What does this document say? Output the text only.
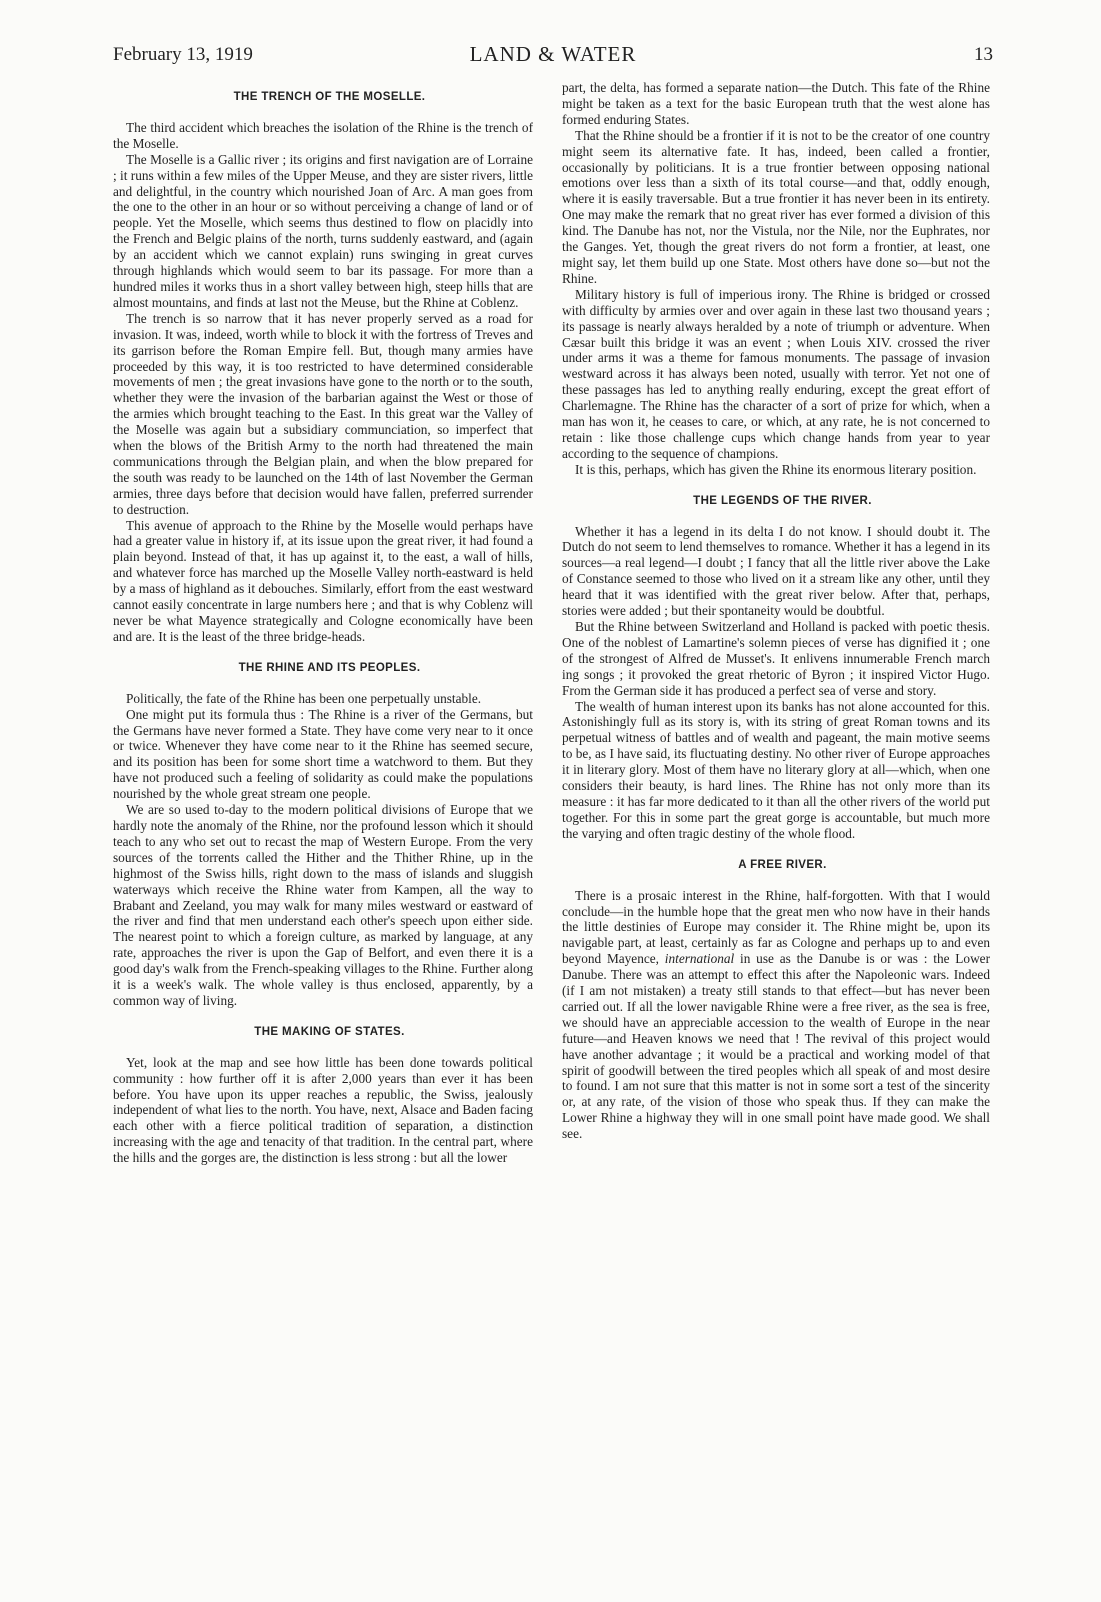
February 13, 1919	LAND & WATER	13

THE TRENCH OF THE MOSELLE.

The third accident which breaches the isolation of the Rhine is the trench of the Moselle.

The Moselle is a Gallic river ; its origins and first navigation are of Lorraine ; it runs within a few miles of the Upper Meuse, and they are sister rivers, little and delightful, in the country which nourished Joan of Arc. A man goes from the one to the other in an hour or so without perceiving a change of land or of people. Yet the Moselle, which seems thus destined to flow on placidly into the French and Belgic plains of the north, turns suddenly eastward, and (again by an accident which we cannot explain) runs swinging in great curves through highlands which would seem to bar its passage. For more than a hundred miles it works thus in a short valley between high, steep hills that are almost mountains, and finds at last not the Meuse, but the Rhine at Coblenz.

The trench is so narrow that it has never properly served as a road for invasion. It was, indeed, worth while to block it with the fortress of Treves and its garrison before the Roman Empire fell. But, though many armies have proceeded by this way, it is too restricted to have determined considerable movements of men ; the great invasions have gone to the north or to the south, whether they were the invasion of the barbarian against the West or those of the armies which brought teaching to the East. In this great war the Valley of the Moselle was again but a subsidiary communciation, so imperfect that when the blows of the British Army to the north had threatened the main communications through the Belgian plain, and when the blow prepared for the south was ready to be launched on the 14th of last November the German armies, three days before that decision would have fallen, preferred surrender to destruction.

This avenue of approach to the Rhine by the Moselle would perhaps have had a greater value in history if, at its issue upon the great river, it had found a plain beyond. Instead of that, it has up against it, to the east, a wall of hills, and whatever force has marched up the Moselle Valley north-eastward is held by a mass of highland as it debouches. Similarly, effort from the east westward cannot easily concentrate in large numbers here ; and that is why Coblenz will never be what Mayence strategically and Cologne economically have been and are. It is the least of the three bridge-heads.

THE RHINE AND ITS PEOPLES.

Politically, the fate of the Rhine has been one perpetually unstable.

One might put its formula thus : The Rhine is a river of the Germans, but the Germans have never formed a State. They have come very near to it once or twice. Whenever they have come near to it the Rhine has seemed secure, and its position has been for some short time a watchword to them. But they have not produced such a feeling of solidarity as could make the populations nourished by the whole great stream one people.

We are so used to-day to the modern political divisions of Europe that we hardly note the anomaly of the Rhine, nor the profound lesson which it should teach to any who set out to recast the map of Western Europe. From the very sources of the torrents called the Hither and the Thither Rhine, up in the highmost of the Swiss hills, right down to the mass of islands and sluggish waterways which receive the Rhine water from Kampen, all the way to Brabant and Zeeland, you may walk for many miles westward or eastward of the river and find that men understand each other's speech upon either side. The nearest point to which a foreign culture, as marked by language, at any rate, approaches the river is upon the Gap of Belfort, and even there it is a good day's walk from the French-speaking villages to the Rhine. Further along it is a week's walk. The whole valley is thus enclosed, apparently, by a common way of living.

THE MAKING OF STATES.

Yet, look at the map and see how little has been done towards political community : how further off it is after 2,000 years than ever it has been before. You have upon its upper reaches a republic, the Swiss, jealously independent of what lies to the north. You have, next, Alsace and Baden facing each other with a fierce political tradition of separation, a distinction increasing with the age and tenacity of that tradition. In the central part, where the hills and the gorges are, the distinction is less strong : but all the lower

part, the delta, has formed a separate nation—the Dutch. This fate of the Rhine might be taken as a text for the basic European truth that the west alone has formed enduring States.

That the Rhine should be a frontier if it is not to be the creator of one country might seem its alternative fate. It has, indeed, been called a frontier, occasionally by politicians. It is a true frontier between opposing national emotions over less than a sixth of its total course—and that, oddly enough, where it is easily traversable. But a true frontier it has never been in its entirety. One may make the remark that no great river has ever formed a division of this kind. The Danube has not, nor the Vistula, nor the Nile, nor the Euphrates, nor the Ganges. Yet, though the great rivers do not form a frontier, at least, one might say, let them build up one State. Most others have done so—but not the Rhine.

Military history is full of imperious irony. The Rhine is bridged or crossed with difficulty by armies over and over again in these last two thousand years ; its passage is nearly always heralded by a note of triumph or adventure. When Cæsar built this bridge it was an event ; when Louis XIV. crossed the river under arms it was a theme for famous monuments. The passage of invasion westward across it has always been noted, usually with terror. Yet not one of these passages has led to anything really enduring, except the great effort of Charlemagne. The Rhine has the character of a sort of prize for which, when a man has won it, he ceases to care, or which, at any rate, he is not concerned to retain : like those challenge cups which change hands from year to year according to the sequence of champions.

It is this, perhaps, which has given the Rhine its enormous literary position.

THE LEGENDS OF THE RIVER.

Whether it has a legend in its delta I do not know. I should doubt it. The Dutch do not seem to lend themselves to romance. Whether it has a legend in its sources—a real legend—I doubt ; I fancy that all the little river above the Lake of Constance seemed to those who lived on it a stream like any other, until they heard that it was identified with the great river below. After that, perhaps, stories were added ; but their spontaneity would be doubtful.

But the Rhine between Switzerland and Holland is packed with poetic thesis. One of the noblest of Lamartine's solemn pieces of verse has dignified it ; one of the strongest of Alfred de Musset's. It enlivens innumerable French march ing songs ; it provoked the great rhetoric of Byron ; it inspired Victor Hugo. From the German side it has produced a perfect sea of verse and story.

The wealth of human interest upon its banks has not alone accounted for this. Astonishingly full as its story is, with its string of great Roman towns and its perpetual witness of battles and of wealth and pageant, the main motive seems to be, as I have said, its fluctuating destiny. No other river of Europe approaches it in literary glory. Most of them have no literary glory at all—which, when one considers their beauty, is hard lines. The Rhine has not only more than its measure : it has far more dedicated to it than all the other rivers of the world put together. For this in some part the great gorge is accountable, but much more the varying and often tragic destiny of the whole flood.

A FREE RIVER.

There is a prosaic interest in the Rhine, half-forgotten. With that I would conclude—in the humble hope that the great men who now have in their hands the little destinies of Europe may consider it. The Rhine might be, upon its navigable part, at least, certainly as far as Cologne and perhaps up to and even beyond Mayence, international in use as the Danube is or was : the Lower Danube. There was an attempt to effect this after the Napoleonic wars. Indeed (if I am not mistaken) a treaty still stands to that effect—but has never been carried out. If all the lower navigable Rhine were a free river, as the sea is free, we should have an appreciable accession to the wealth of Europe in the near future—and Heaven knows we need that ! The revival of this project would have another advantage ; it would be a practical and working model of that spirit of goodwill between the tired peoples which all speak of and most desire to found. I am not sure that this matter is not in some sort a test of the sincerity or, at any rate, of the vision of those who speak thus. If they can make the Lower Rhine a highway they will in one small point have made good. We shall see.
